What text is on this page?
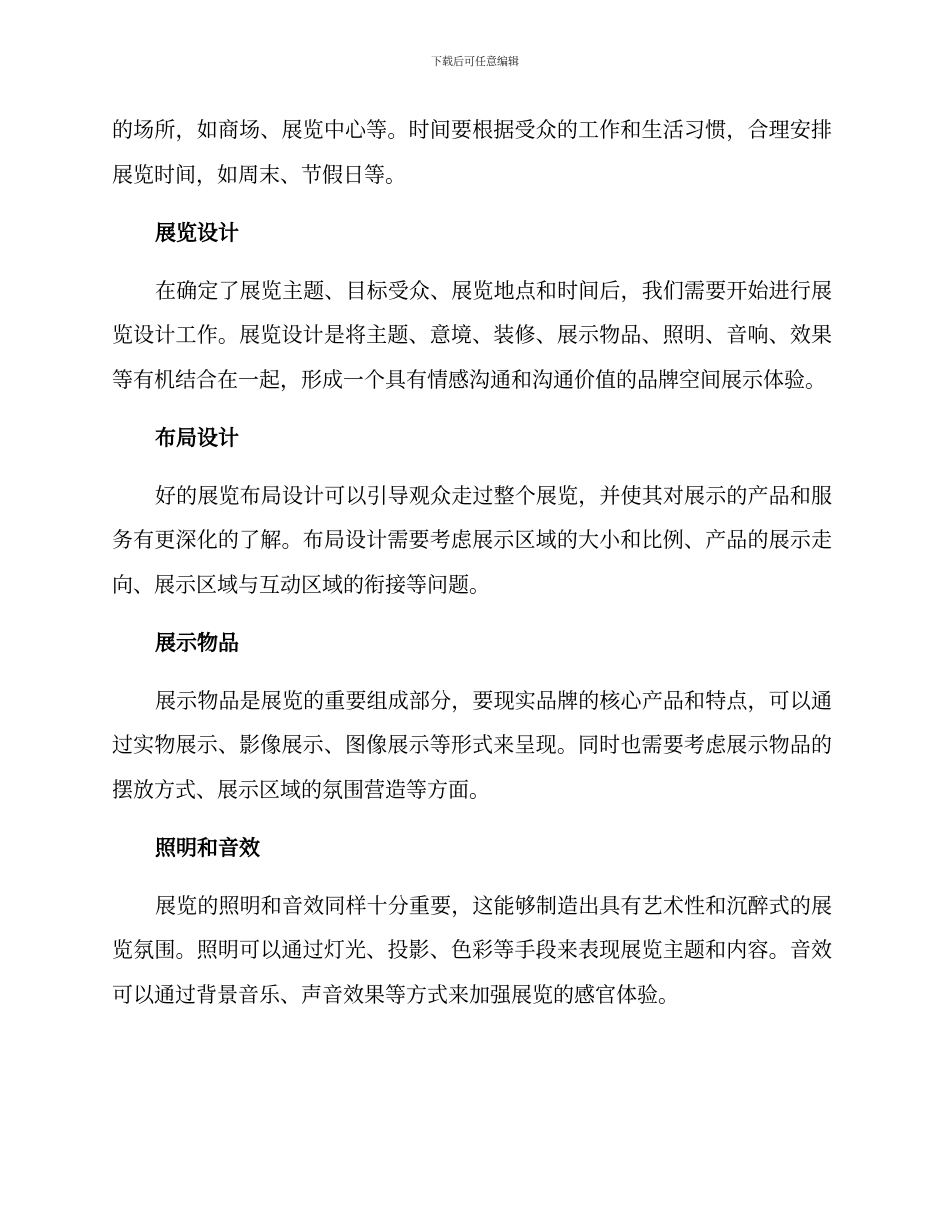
下载后可任意编辑

的场所，如商场、展览中心等。时间要根据受众的工作和生活习惯，合理安排展览时间，如周末、节假日等。

展览设计

在确定了展览主题、目标受众、展览地点和时间后，我们需要开始进行展览设计工作。展览设计是将主题、意境、装修、展示物品、照明、音响、效果等有机结合在一起，形成一个具有情感沟通和沟通价值的品牌空间展示体验。

布局设计

好的展览布局设计可以引导观众走过整个展览，并使其对展示的产品和服务有更深化的了解。布局设计需要考虑展示区域的大小和比例、产品的展示走向、展示区域与互动区域的衔接等问题。

展示物品

展示物品是展览的重要组成部分，要现实品牌的核心产品和特点，可以通过实物展示、影像展示、图像展示等形式来呈现。同时也需要考虑展示物品的摆放方式、展示区域的氛围营造等方面。

照明和音效

展览的照明和音效同样十分重要，这能够制造出具有艺术性和沉醉式的展览氛围。照明可以通过灯光、投影、色彩等手段来表现展览主题和内容。音效可以通过背景音乐、声音效果等方式来加强展览的感官体验。
